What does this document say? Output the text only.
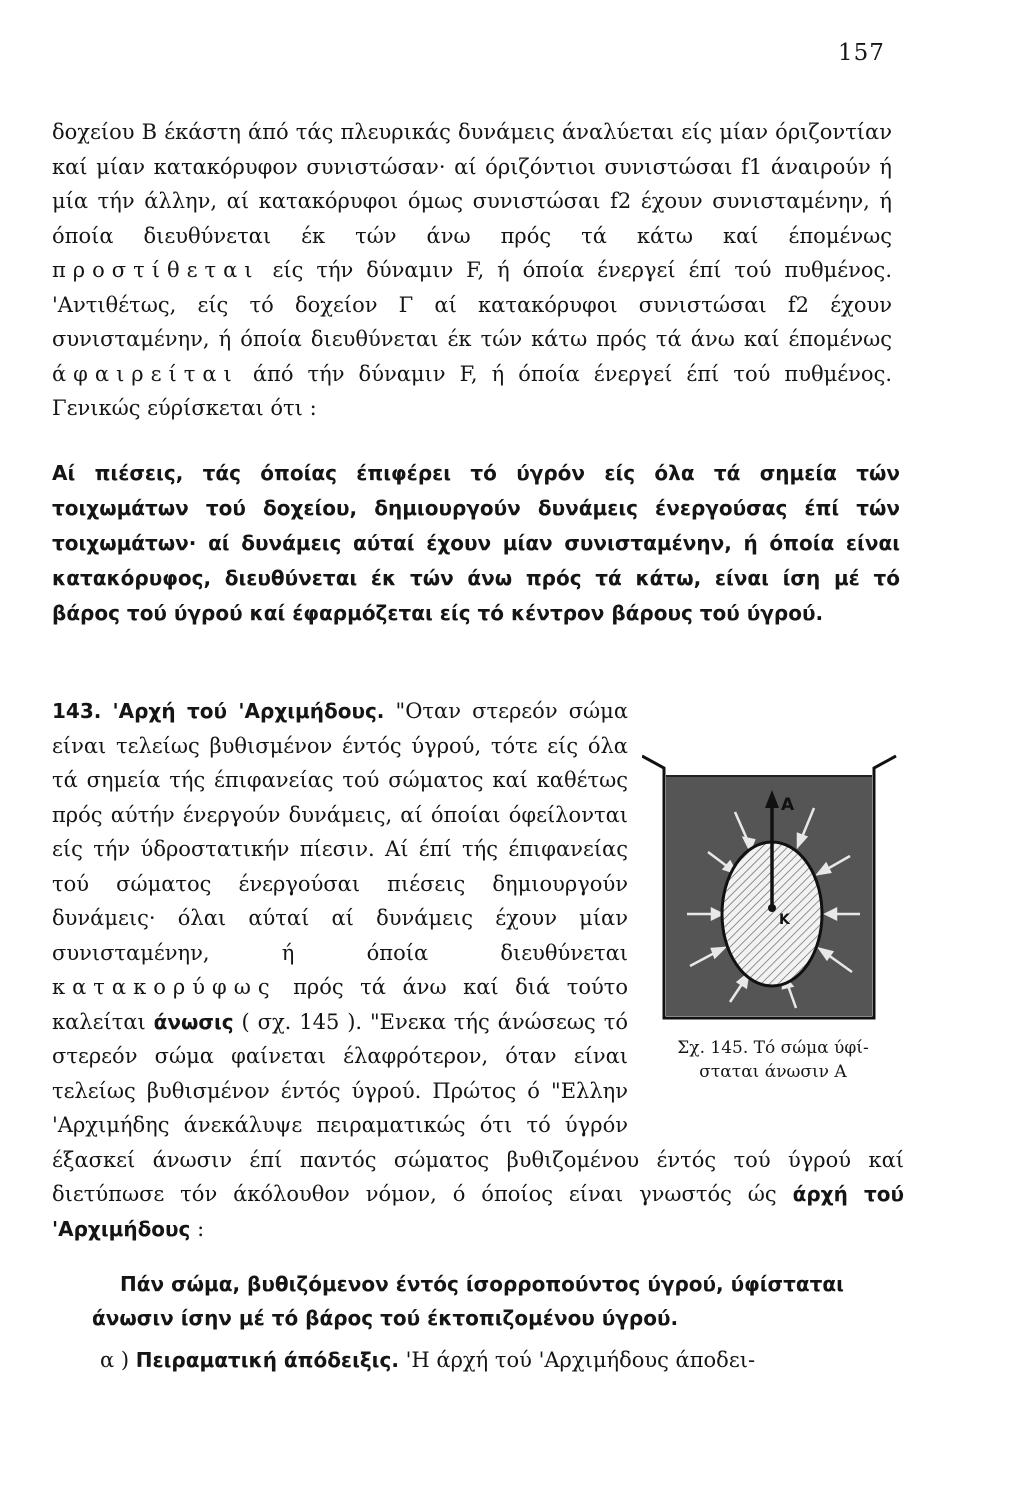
157
δοχείου Β έκάστη άπό τάς πλευρικάς δυνάμεις άναλύεται είς μίαν όριζοντίαν καί μίαν κατακόρυφον συνιστώσαν· αί όριζόντιοι συνιστώσαι f1 άναιρούν ή μία τήν άλλην, αί κατακόρυφοι όμως συνιστώσαι f2 έχουν συνισταμένην, ή όποία διευθύνεται έκ τών άνω πρός τά κάτω καί έπομένως προστίθεται είς τήν δύναμιν F, ή όποία ένεργεί έπί τού πυθμένος. 'Αντιθέτως, είς τό δοχείον Γ αί κατακόρυφοι συνιστώσαι f2 έχουν συνισταμένην, ή όποία διευθύνεται έκ τών κάτω πρός τά άνω καί έπομένως άφαιρείται άπό τήν δύναμιν F, ή όποία ένεργεί έπί τού πυθμένος. Γενικώς εύρίσκεται ότι :
Αί πιέσεις, τάς όποίας έπιφέρει τό ύγρόν είς όλα τά σημεία τών τοιχωμάτων τού δοχείου, δημιουργούν δυνάμεις ένεργούσας έπί τών τοιχωμάτων· αί δυνάμεις αύταί έχουν μίαν συνισταμένην, ή όποία είναι κατακόρυφος, διευθύνεται έκ τών άνω πρός τά κάτω, είναι ίση μέ τό βάρος τού ύγρού καί έφαρμόζεται είς τό κέντρον βάρους τού ύγρού.
A
K
Σχ. 145. Τό σώμα ύφί-
σταται άνωσιν Α
143. 'Αρχή τού 'Αρχιμήδους. "Οταν στερεόν σώμα είναι τελείως βυθισμένον έντός ύγρού, τότε είς όλα τά σημεία τής έπιφανείας τού σώματος καί καθέτως πρός αύτήν ένεργούν δυνάμεις, αί όποίαι όφείλονται είς τήν ύδροστατικήν πίεσιν. Αί έπί τής έπιφανείας τού σώματος ένεργούσαι πιέσεις δημιουργούν δυνάμεις· όλαι αύταί αί δυνάμεις έχουν μίαν συνισταμένην, ή όποία διευθύνεται κατακορύφως πρός τά άνω καί διά τούτο καλείται άνωσις ( σχ. 145 ). "Ενεκα τής άνώσεως τό στερεόν σώμα φαίνεται έλαφρότερον, όταν είναι τελείως βυθισμένον έντός ύγρού. Πρώτος ό "Ελλην 'Αρχιμήδης άνεκάλυψε πειραματικώς ότι τό ύγρόν έξασκεί άνωσιν έπί παντός σώματος βυθιζομένου έντός τού ύγρού καί διετύπωσε τόν άκόλουθον νόμον, ό όποίος είναι γνωστός ώς άρχή τού 'Αρχιμήδους :
Πάν σώμα, βυθιζόμενον έντός ίσορροπούντος ύγρού, ύφίσταται άνωσιν ίσην μέ τό βάρος τού έκτοπιζομένου ύγρού.
α ) Πειραματική άπόδειξις. 'Η άρχή τού 'Αρχιμήδους άποδει-
